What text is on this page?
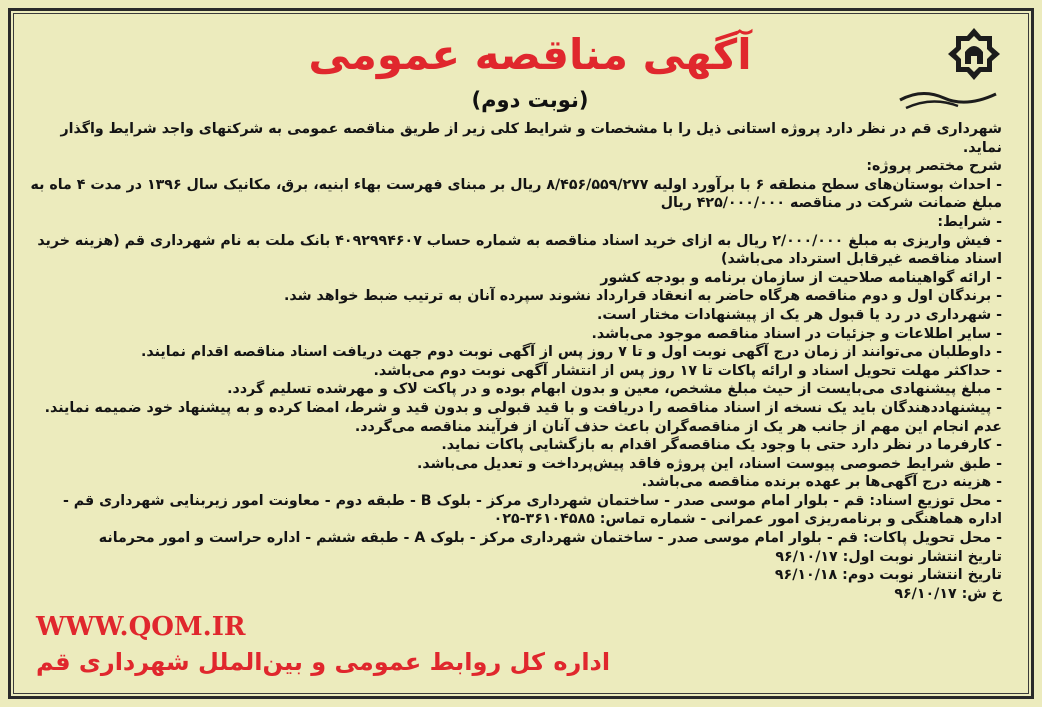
آگهی مناقصه عمومی
(نوبت دوم)

شهرداری قم در نظر دارد پروژه استانی ذیل را با مشخصات و شرایط کلی زیر از طریق مناقصه عمومی به شرکتهای واجد شرایط واگذار نماید.

شرح مختصر پروژه:

- احداث بوستان‌های سطح منطقه ۶ با برآورد اولیه ۸/۴۵۶/۵۵۹/۲۷۷ ریال بر مبنای فهرست بهاء ابنیه، برق، مکانیک سال ۱۳۹۶ در مدت ۴ ماه به مبلغ ضمانت شرکت در مناقصه ۴۲۵/۰۰۰/۰۰۰ ریال

- شرایط:

- فیش واریزی به مبلغ ۲/۰۰۰/۰۰۰ ریال به ازای خرید اسناد مناقصه به شماره حساب ۴۰۹۲۹۹۴۶۰۷ بانک ملت به نام شهرداری قم (هزینه خرید اسناد مناقصه غیرقابل استرداد می‌باشد)

- ارائه گواهینامه صلاحیت از سازمان برنامه و بودجه کشور

- برندگان اول و دوم مناقصه هرگاه حاضر به انعقاد قرارداد نشوند سپرده آنان به ترتیب ضبط خواهد شد.

- شهرداری در رد یا قبول هر یک از پیشنهادات مختار است.

- سایر اطلاعات و جزئیات در اسناد مناقصه موجود می‌باشد.

- داوطلبان می‌توانند از زمان درج آگهی نوبت اول و تا ۷ روز پس از آگهی نوبت دوم جهت دریافت اسناد مناقصه اقدام نمایند.

- حداکثر مهلت تحویل اسناد و ارائه پاکات تا ۱۷ روز پس از انتشار آگهی نوبت دوم می‌باشد.

- مبلغ پیشنهادی می‌بایست از حیث مبلغ مشخص، معین و بدون ابهام بوده و در پاکت لاک و مهرشده تسلیم گردد.

- پیشنهاددهندگان باید یک نسخه از اسناد مناقصه را دریافت و با قید قبولی و بدون قید و شرط، امضا کرده و به پیشنهاد خود ضمیمه نمایند. عدم انجام این مهم از جانب هر یک از مناقصه‌گران باعث حذف آنان از فرآیند مناقصه می‌گردد.

- کارفرما در نظر دارد حتی با وجود یک مناقصه‌گر اقدام به بازگشایی پاکات نماید.

- طبق شرایط خصوصی پیوست اسناد، این پروژه فاقد پیش‌پرداخت و تعدیل می‌باشد.

- هزینه درج آگهی‌ها بر عهده برنده مناقصه می‌باشد.

- محل توزیع اسناد: قم - بلوار امام موسی صدر - ساختمان شهرداری مرکز - بلوک B - طبقه دوم - معاونت امور زیربنایی شهرداری قم - اداره هماهنگی و برنامه‌ریزی امور عمرانی - شماره تماس: ۳۶۱۰۴۵۸۵-۰۲۵

- محل تحویل پاکات: قم - بلوار امام موسی صدر - ساختمان شهرداری مرکز - بلوک A - طبقه ششم - اداره حراست و امور محرمانه

تاریخ انتشار نوبت اول: ۹۶/۱۰/۱۷

تاریخ انتشار نوبت دوم: ۹۶/۱۰/۱۸

خ ش: ۹۶/۱۰/۱۷

WWW.QOM.IR
اداره کل روابط عمومی و بین‌الملل شهرداری قم
